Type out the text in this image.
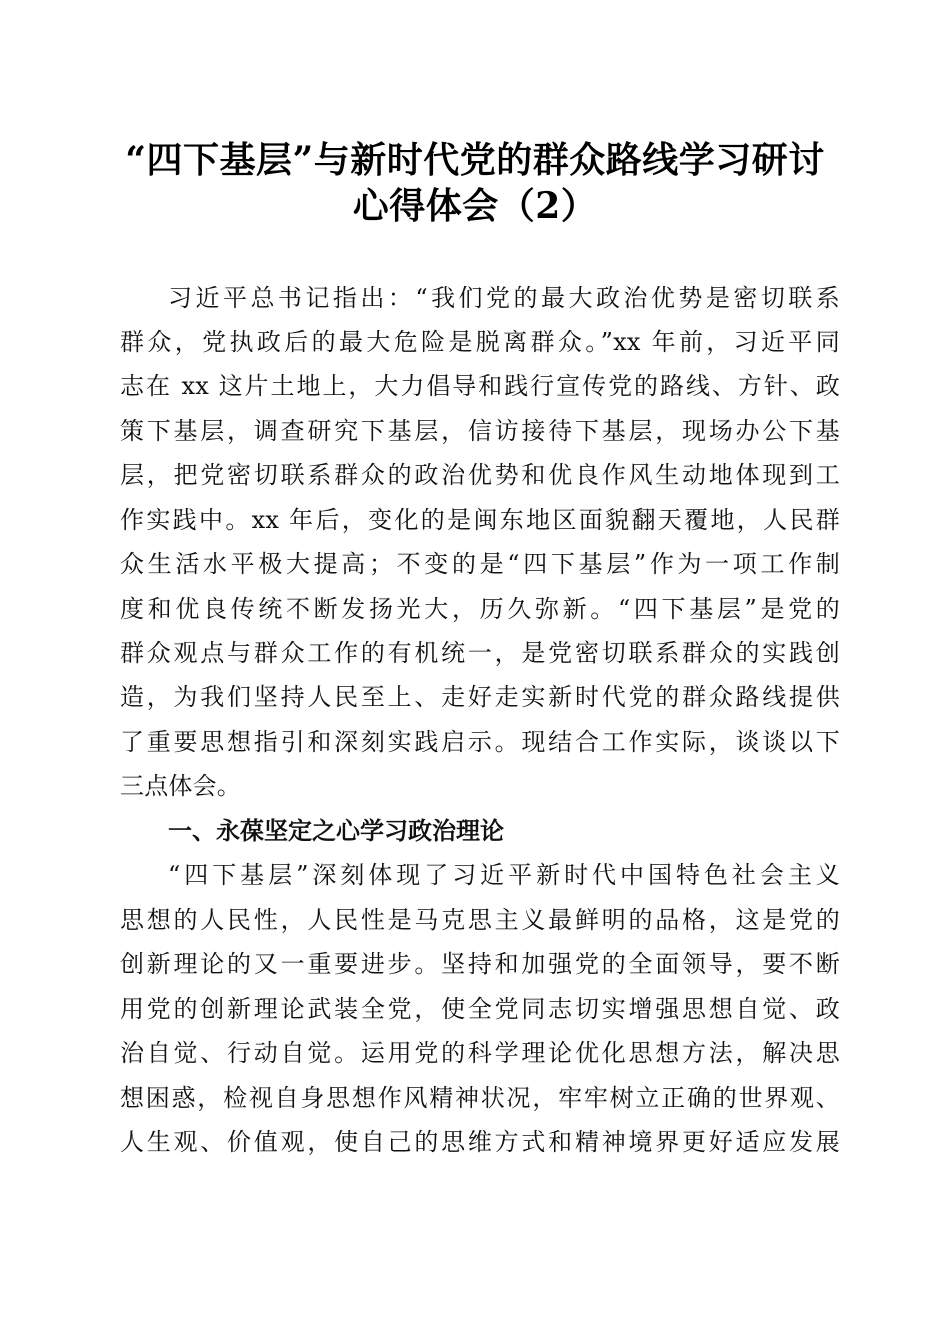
“四下基层”与新时代党的群众路线学习研讨
心得体会（2）
习近平总书记指出：“我们党的最大政治优势是密切联系
群众，党执政后的最大危险是脱离群众。”xx 年前，习近平同
志在 xx 这片土地上，大力倡导和践行宣传党的路线、方针、政
策下基层，调查研究下基层，信访接待下基层，现场办公下基
层，把党密切联系群众的政治优势和优良作风生动地体现到工
作实践中。xx 年后，变化的是闽东地区面貌翻天覆地，人民群
众生活水平极大提高；不变的是“四下基层”作为一项工作制
度和优良传统不断发扬光大，历久弥新。“四下基层”是党的
群众观点与群众工作的有机统一，是党密切联系群众的实践创
造，为我们坚持人民至上、走好走实新时代党的群众路线提供
了重要思想指引和深刻实践启示。现结合工作实际，谈谈以下
三点体会。
一、永葆坚定之心学习政治理论
“四下基层”深刻体现了习近平新时代中国特色社会主义
思想的人民性，人民性是马克思主义最鲜明的品格，这是党的
创新理论的又一重要进步。坚持和加强党的全面领导，要不断
用党的创新理论武装全党，使全党同志切实增强思想自觉、政
治自觉、行动自觉。运用党的科学理论优化思想方法，解决思
想困惑，检视自身思想作风精神状况，牢牢树立正确的世界观、
人生观、价值观，使自己的思维方式和精神境界更好适应发展
